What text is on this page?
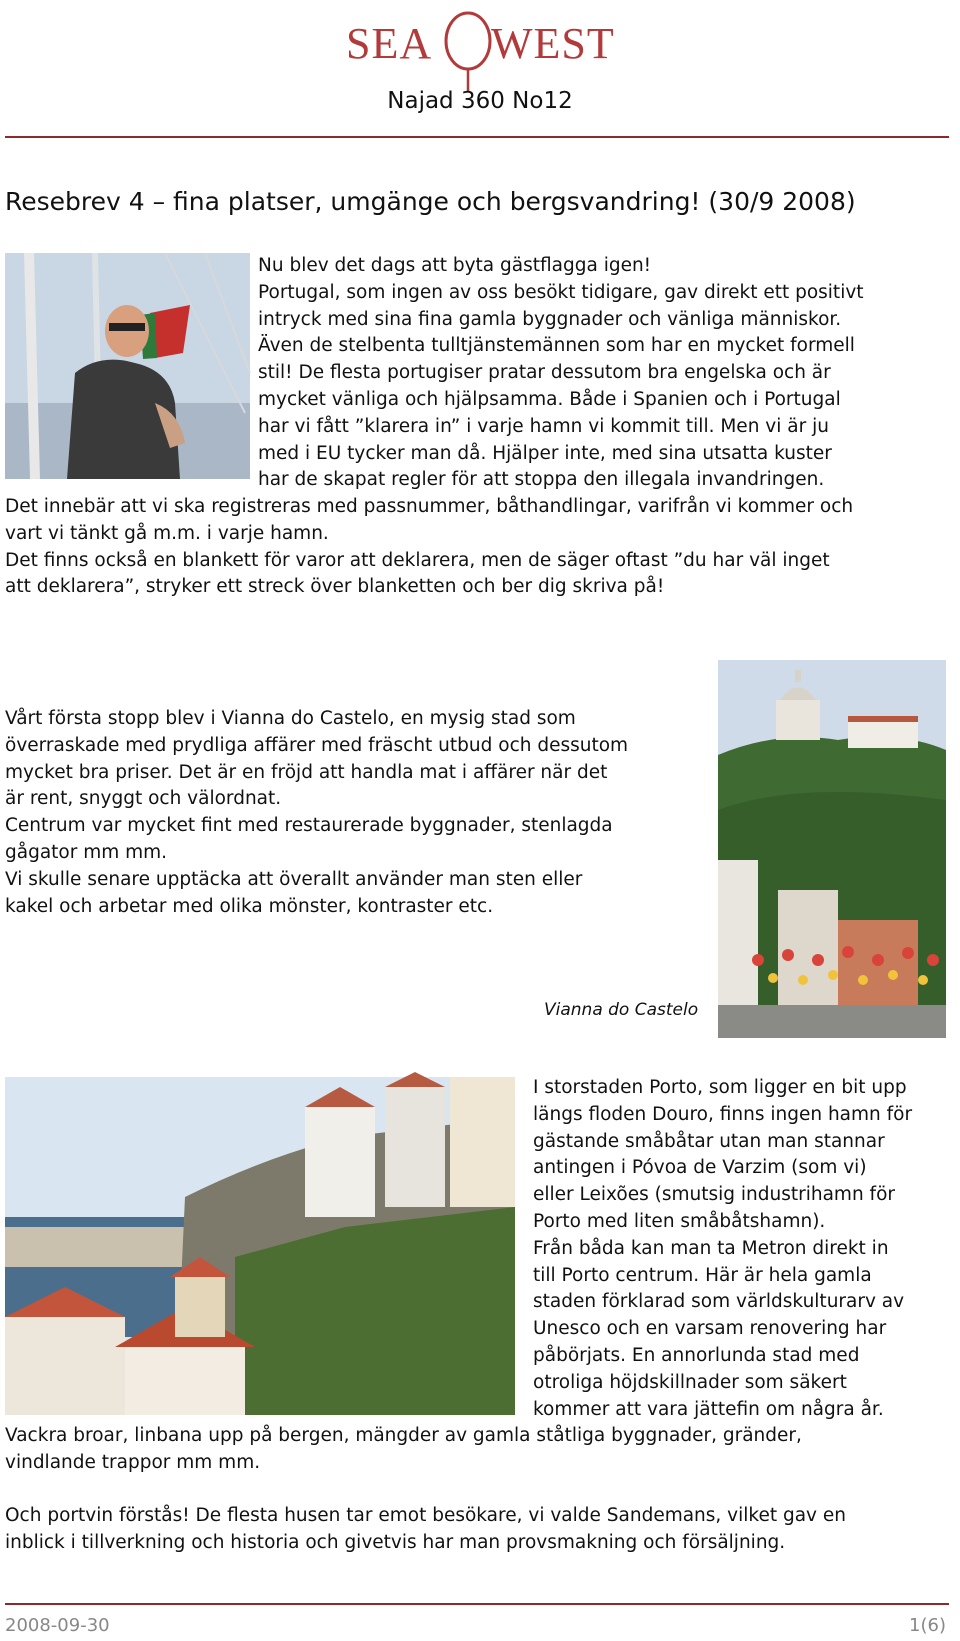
SEA WEST
Najad 360 No12
Resebrev 4 – fina platser, umgänge och bergsvandring! (30/9 2008)

Nu blev det dags att byta gästflagga igen!

Portugal, som ingen av oss besökt tidigare, gav direkt ett positivt

intryck med sina fina gamla byggnader och vänliga människor.

Även de stelbenta tulltjänstemännen som har en mycket formell

stil! De flesta portugiser pratar dessutom bra engelska och är

mycket vänliga och hjälpsamma. Både i Spanien och i Portugal

har vi fått ”klarera in” i varje hamn vi kommit till. Men vi är ju

med i EU tycker man då. Hjälper inte, med sina utsatta kuster

har de skapat regler för att stoppa den illegala invandringen.

Det innebär att vi ska registreras med passnummer, båthandlingar, varifrån vi kommer och

vart vi tänkt gå m.m. i varje hamn.

Det finns också en blankett för varor att deklarera, men de säger oftast ”du har väl inget

att deklarera”, stryker ett streck över blanketten och ber dig skriva på!

Vårt första stopp blev i Vianna do Castelo, en mysig stad som

överraskade med prydliga affärer med fräscht utbud och dessutom

mycket bra priser. Det är en fröjd att handla mat i affärer när det

är rent, snyggt och välordnat.

Centrum var mycket fint med restaurerade byggnader, stenlagda

gågator mm mm.

Vi skulle senare upptäcka att överallt använder man sten eller

kakel och arbetar med olika mönster, kontraster etc.

Vianna do Castelo

I storstaden Porto, som ligger en bit upp

längs floden Douro, finns ingen hamn för

gästande småbåtar utan man stannar

antingen i Póvoa de Varzim (som vi)

eller Leixões (smutsig industrihamn för

Porto med liten småbåtshamn).

Från båda kan man ta Metron direkt in

till Porto centrum. Här är hela gamla

staden förklarad som världskulturarv av

Unesco och en varsam renovering har

påbörjats. En annorlunda stad med

otroliga höjdskillnader som säkert

kommer att vara jättefin om några år.

Vackra broar, linbana upp på bergen, mängder av gamla ståtliga byggnader, gränder,

vindlande trappor mm mm.

Och portvin förstås! De flesta husen tar emot besökare, vi valde Sandemans, vilket gav en

inblick i tillverkning och historia och givetvis har man provsmakning och försäljning.

2008-09-30	1(6)
